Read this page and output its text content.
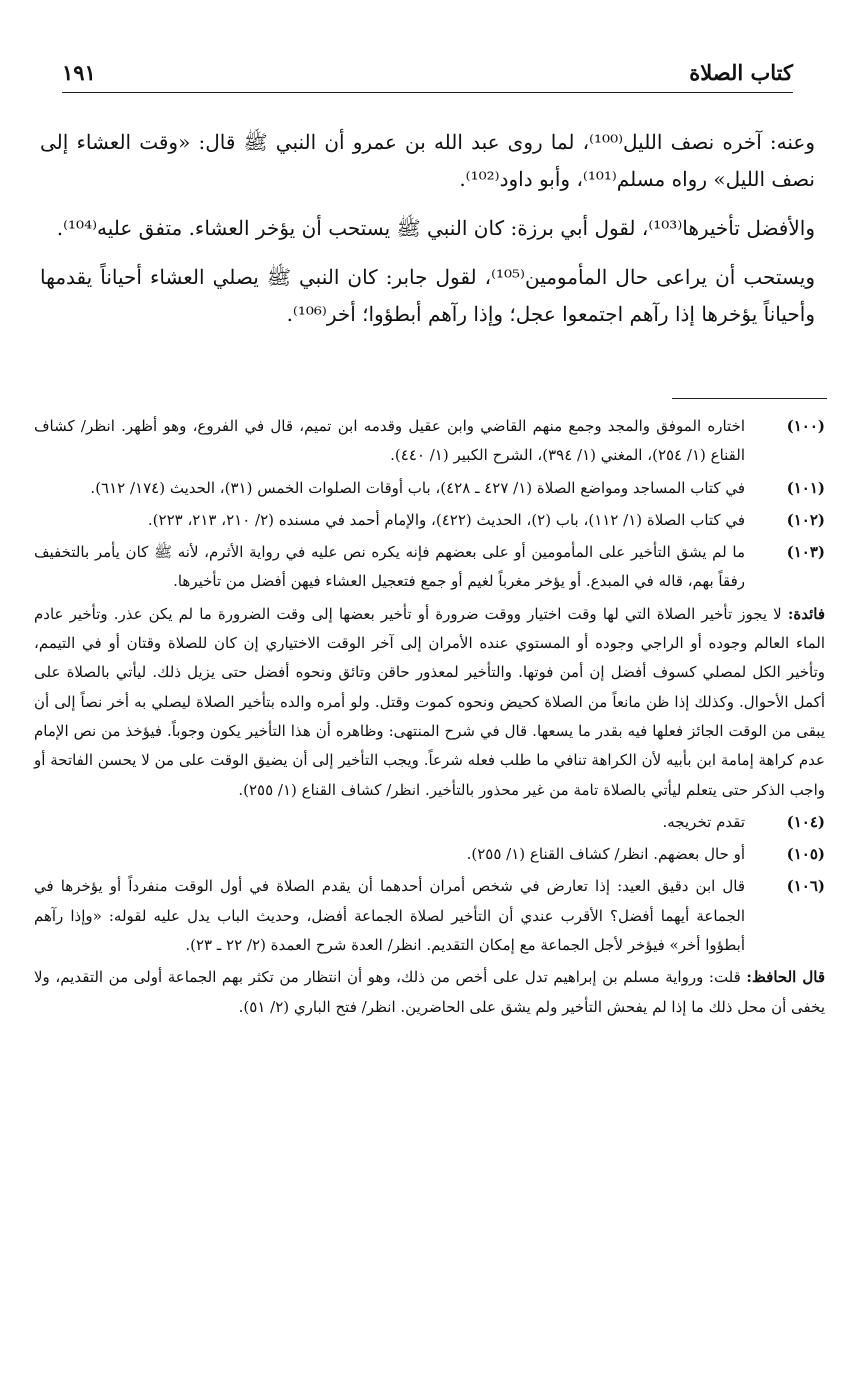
كتاب الصلاة
١٩١

وعنه: آخره نصف الليل⁽¹⁰⁰⁾، لما روى عبد الله بن عمرو أن النبي ﷺ قال: «وقت العشاء إلى نصف الليل» رواه مسلم⁽¹⁰¹⁾، وأبو داود⁽¹⁰²⁾.

والأفضل تأخيرها⁽¹⁰³⁾، لقول أبي برزة: كان النبي ﷺ يستحب أن يؤخر العشاء. متفق عليه⁽¹⁰⁴⁾.

ويستحب أن يراعى حال المأمومين⁽¹⁰⁵⁾، لقول جابر: كان النبي ﷺ يصلي العشاء أحياناً يقدمها وأحياناً يؤخرها إذا رآهم اجتمعوا عجل؛ وإذا رآهم أبطؤوا؛ أخر⁽¹⁰⁶⁾.

(١٠٠)
اختاره الموفق والمجد وجمع منهم القاضي وابن عقيل وقدمه ابن تميم، قال في الفروع، وهو أظهر. انظر/ كشاف القناع (١/ ٢٥٤)، المغني (١/ ٣٩٤)، الشرح الكبير (١/ ٤٤٠).
(١٠١)
في كتاب المساجد ومواضع الصلاة (١/ ٤٢٧ ـ ٤٢٨)، باب أوقات الصلوات الخمس (٣١)، الحديث (١٧٤/ ٦١٢).
(١٠٢)
في كتاب الصلاة (١/ ١١٢)، باب (٢)، الحديث (٤٢٢)، والإمام أحمد في مسنده (٢/ ٢١٠، ٢١٣، ٢٢٣).
(١٠٣)
ما لم يشق التأخير على المأمومين أو على بعضهم فإنه يكره نص عليه في رواية الأثرم، لأنه ﷺ كان يأمر بالتخفيف رفقاً بهم، قاله في المبدع. أو يؤخر مغرباً لغيم أو جمع فتعجيل العشاء فيهن أفضل من تأخيرها.
فائدة: لا يجوز تأخير الصلاة التي لها وقت اختيار ووقت ضرورة أو تأخير بعضها إلى وقت الضرورة ما لم يكن عذر. وتأخير عادم الماء العالم وجوده أو الراجي وجوده أو المستوي عنده الأمران إلى آخر الوقت الاختياري إن كان للصلاة وقتان أو في التيمم، وتأخير الكل لمصلي كسوف أفضل إن أمن فوتها. والتأخير لمعذور حاقن وتائق ونحوه أفضل حتى يزيل ذلك. ليأتي بالصلاة على أكمل الأحوال. وكذلك إذا ظن مانعاً من الصلاة كحيض ونحوه كموت وقتل. ولو أمره والده بتأخير الصلاة ليصلي به أخر نصاً إلى أن يبقى من الوقت الجائز فعلها فيه بقدر ما يسعها. قال في شرح المنتهى: وظاهره أن هذا التأخير يكون وجوباً. فيؤخذ من نص الإمام عدم كراهة إمامة ابن بأبيه لأن الكراهة تنافي ما طلب فعله شرعاً. ويجب التأخير إلى أن يضيق الوقت على من لا يحسن الفاتحة أو واجب الذكر حتى يتعلم ليأتي بالصلاة تامة من غير محذور بالتأخير. انظر/ كشاف القناع (١/ ٢٥٥).
(١٠٤)
تقدم تخريجه.
(١٠٥)
أو حال بعضهم. انظر/ كشاف القناع (١/ ٢٥٥).
(١٠٦)
قال ابن دقيق العيد: إذا تعارض في شخص أمران أحدهما أن يقدم الصلاة في أول الوقت منفرداً أو يؤخرها في الجماعة أيهما أفضل؟ الأقرب عندي أن التأخير لصلاة الجماعة أفضل، وحديث الباب يدل عليه لقوله: «وإذا رآهم أبطؤوا أخر» فيؤخر لأجل الجماعة مع إمكان التقديم. انظر/ العدة شرح العمدة (٢/ ٢٢ ـ ٢٣).
قال الحافظ: قلت: ورواية مسلم بن إبراهيم تدل على أخص من ذلك، وهو أن انتظار من تكثر بهم الجماعة أولى من التقديم، ولا يخفى أن محل ذلك ما إذا لم يفحش التأخير ولم يشق على الحاضرين. انظر/ فتح الباري (٢/ ٥١).
